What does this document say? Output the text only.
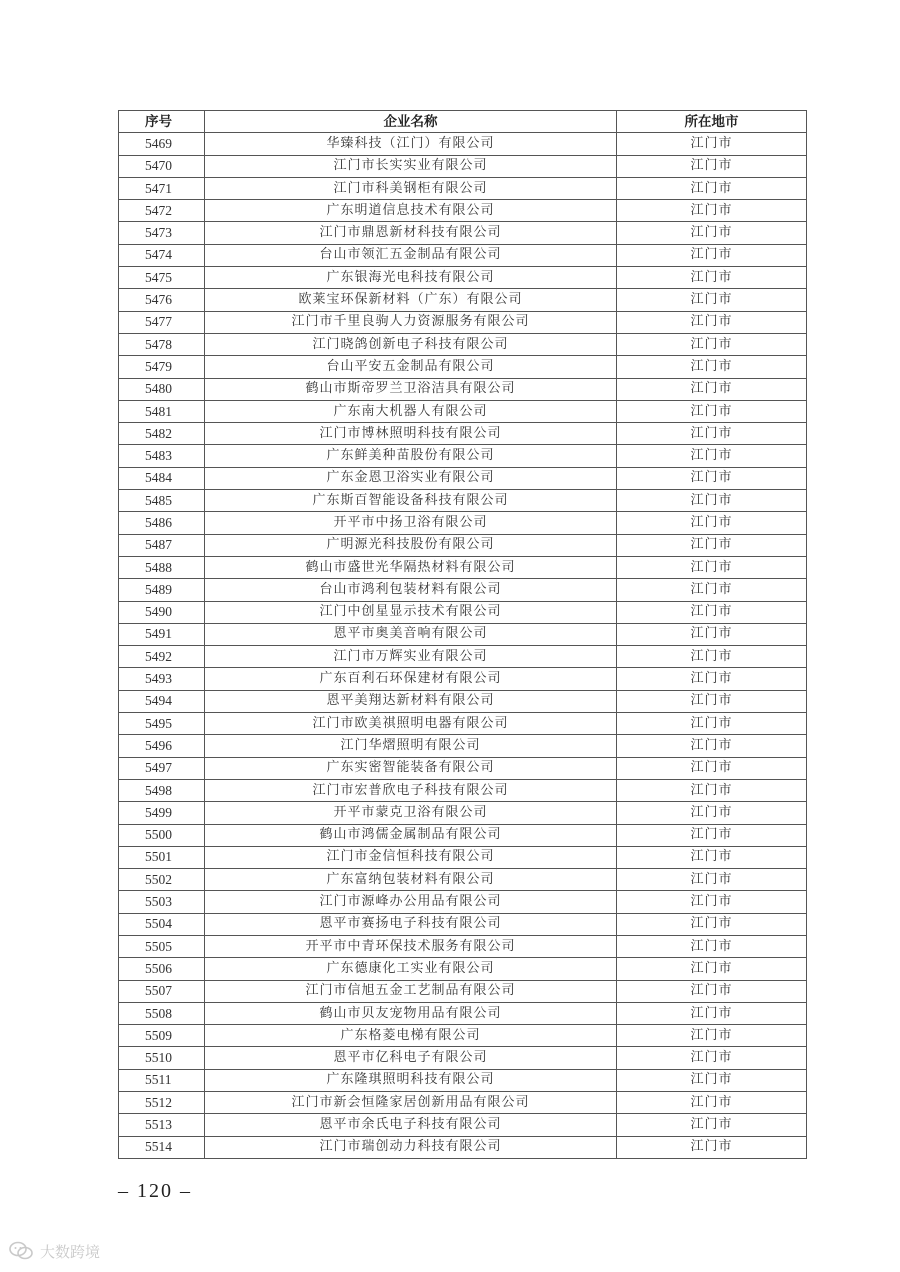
序号	企业名称	所在地市
5469	华臻科技（江门）有限公司	江门市
5470	江门市长实实业有限公司	江门市
5471	江门市科美钢柜有限公司	江门市
5472	广东明道信息技术有限公司	江门市
5473	江门市鼎恩新材科技有限公司	江门市
5474	台山市领汇五金制品有限公司	江门市
5475	广东银海光电科技有限公司	江门市
5476	欧莱宝环保新材料（广东）有限公司	江门市
5477	江门市千里良驹人力资源服务有限公司	江门市
5478	江门晓鸽创新电子科技有限公司	江门市
5479	台山平安五金制品有限公司	江门市
5480	鹤山市斯帝罗兰卫浴洁具有限公司	江门市
5481	广东南大机器人有限公司	江门市
5482	江门市博林照明科技有限公司	江门市
5483	广东鲜美种苗股份有限公司	江门市
5484	广东金恩卫浴实业有限公司	江门市
5485	广东斯百智能设备科技有限公司	江门市
5486	开平市中扬卫浴有限公司	江门市
5487	广明源光科技股份有限公司	江门市
5488	鹤山市盛世光华隔热材料有限公司	江门市
5489	台山市鸿利包装材料有限公司	江门市
5490	江门中创星显示技术有限公司	江门市
5491	恩平市奥美音响有限公司	江门市
5492	江门市万辉实业有限公司	江门市
5493	广东百利石环保建材有限公司	江门市
5494	恩平美翔达新材料有限公司	江门市
5495	江门市欧美祺照明电器有限公司	江门市
5496	江门华熠照明有限公司	江门市
5497	广东实密智能装备有限公司	江门市
5498	江门市宏普欣电子科技有限公司	江门市
5499	开平市蒙克卫浴有限公司	江门市
5500	鹤山市鸿儒金属制品有限公司	江门市
5501	江门市金信恒科技有限公司	江门市
5502	广东富纳包装材料有限公司	江门市
5503	江门市源峰办公用品有限公司	江门市
5504	恩平市赛扬电子科技有限公司	江门市
5505	开平市中青环保技术服务有限公司	江门市
5506	广东德康化工实业有限公司	江门市
5507	江门市信旭五金工艺制品有限公司	江门市
5508	鹤山市贝友宠物用品有限公司	江门市
5509	广东格菱电梯有限公司	江门市
5510	恩平市亿科电子有限公司	江门市
5511	广东隆琪照明科技有限公司	江门市
5512	江门市新会恒隆家居创新用品有限公司	江门市
5513	恩平市余氏电子科技有限公司	江门市
5514	江门市瑞创动力科技有限公司	江门市
– 120 –
大数跨境
